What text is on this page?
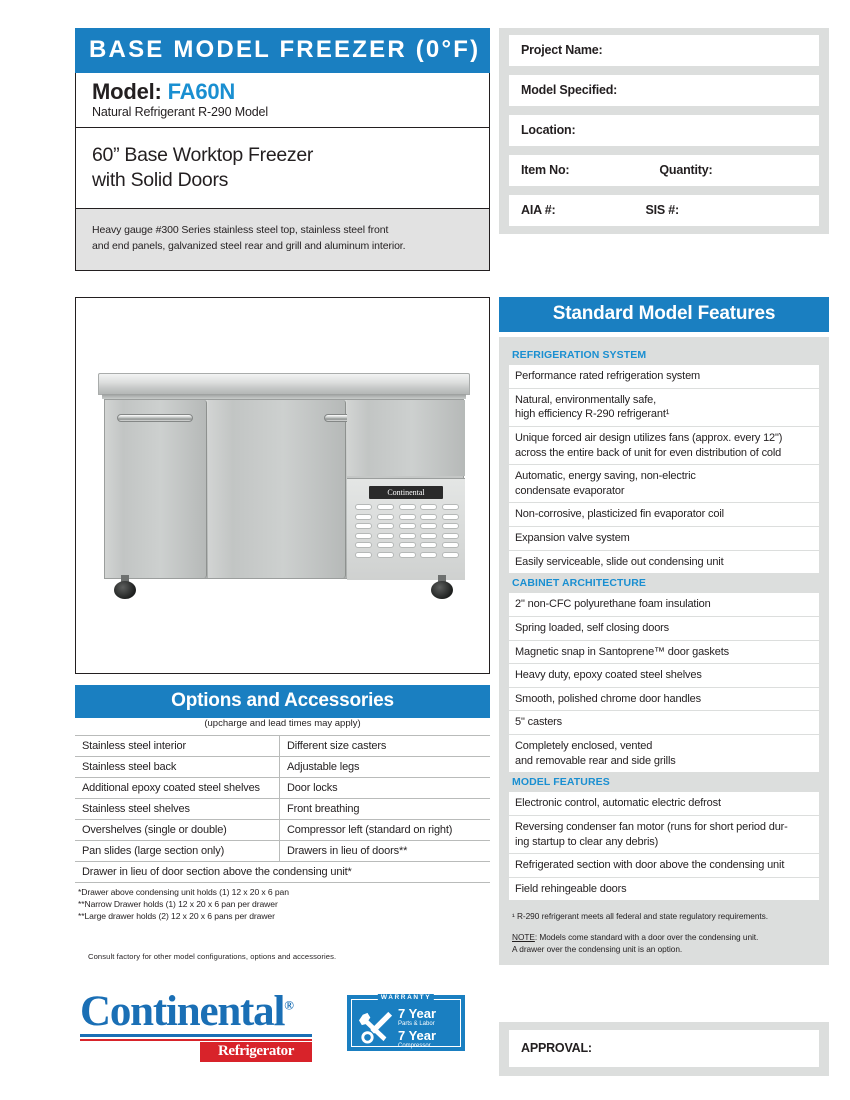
BASE MODEL FREEZER (0°F)
Model: FA60N
Natural Refrigerant R-290 Model
60” Base Worktop Freezer
with Solid Doors
Heavy gauge #300 Series stainless steel top, stainless steel front
and end panels, galvanized steel rear and grill and aluminum interior.
Continental
Options and Accessories
(upcharge and lead times may apply)
Stainless steel interior	Different size casters
Stainless steel back	Adjustable legs
Additional epoxy coated steel shelves	Door locks
Stainless steel shelves	Front breathing
Overshelves (single or double)	Compressor left (standard on right)
Pan slides (large section only)	Drawers in lieu of doors**
Drawer in lieu of door section above the condensing unit*
*Drawer above condensing unit holds (1) 12 x 20 x 6 pan
**Narrow Drawer holds (1) 12 x 20 x 6 pan per drawer
**Large drawer holds (2) 12 x 20 x 6 pans per drawer
Consult factory for other model configurations, options and accessories.
Continental®
Refrigerator
WARRANTY
7 Year
Parts & Labor
7 Year
Compressor
Project Name:
Model Specified:
Location:
Item No:	Quantity:
AIA #:	SIS #:
Standard Model Features
REFRIGERATION SYSTEM
Performance rated refrigeration system
Natural, environmentally safe,
high efficiency R-290 refrigerant¹
Unique forced air design utilizes fans (approx. every 12")
across the entire back of unit for even distribution of cold
Automatic, energy saving, non-electric
condensate evaporator
Non-corrosive, plasticized fin evaporator coil
Expansion valve system
Easily serviceable, slide out condensing unit
CABINET ARCHITECTURE
2" non-CFC polyurethane foam insulation
Spring loaded, self closing doors
Magnetic snap in Santoprene™ door gaskets
Heavy duty, epoxy coated steel shelves
Smooth, polished chrome door handles
5" casters
Completely enclosed, vented
and removable rear and side grills
MODEL FEATURES
Electronic control, automatic electric defrost
Reversing condenser fan motor (runs for short period dur-
ing startup to clear any debris)
Refrigerated section with door above the condensing unit
Field rehingeable doors
¹ R-290 refrigerant meets all federal and state regulatory requirements.
NOTE: Models come standard with a door over the condensing unit.
A drawer over the condensing unit is an option.
APPROVAL:
